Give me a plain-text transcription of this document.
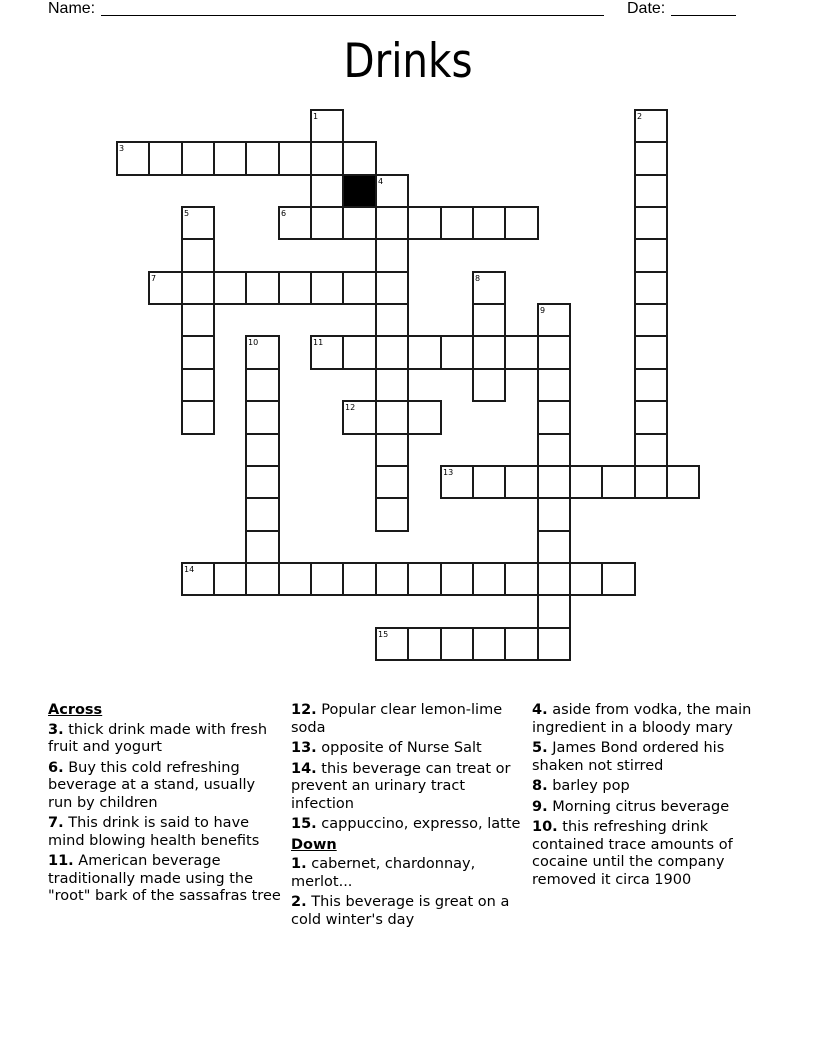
Name:	Date:
Drinks
1	2
3
4
5	6
7	8
9
10	11
12
13
14
15
Across
3. thick drink made with fresh fruit and yogurt
6. Buy this cold refreshing beverage at a stand, usually run by children
7. This drink is said to have mind blowing health benefits
11. American beverage traditionally made using the "root" bark of the sassafras tree
12. Popular clear lemon-lime soda
13. opposite of Nurse Salt
14. this beverage can treat or prevent an urinary tract infection
15. cappuccino, expresso, latte
Down
1. cabernet, chardonnay, merlot...
2. This beverage is great on a cold winter's day
4. aside from vodka, the main ingredient in a bloody mary
5. James Bond ordered his shaken not stirred
8. barley pop
9. Morning citrus beverage
10. this refreshing drink contained trace amounts of cocaine until the company removed it circa 1900
